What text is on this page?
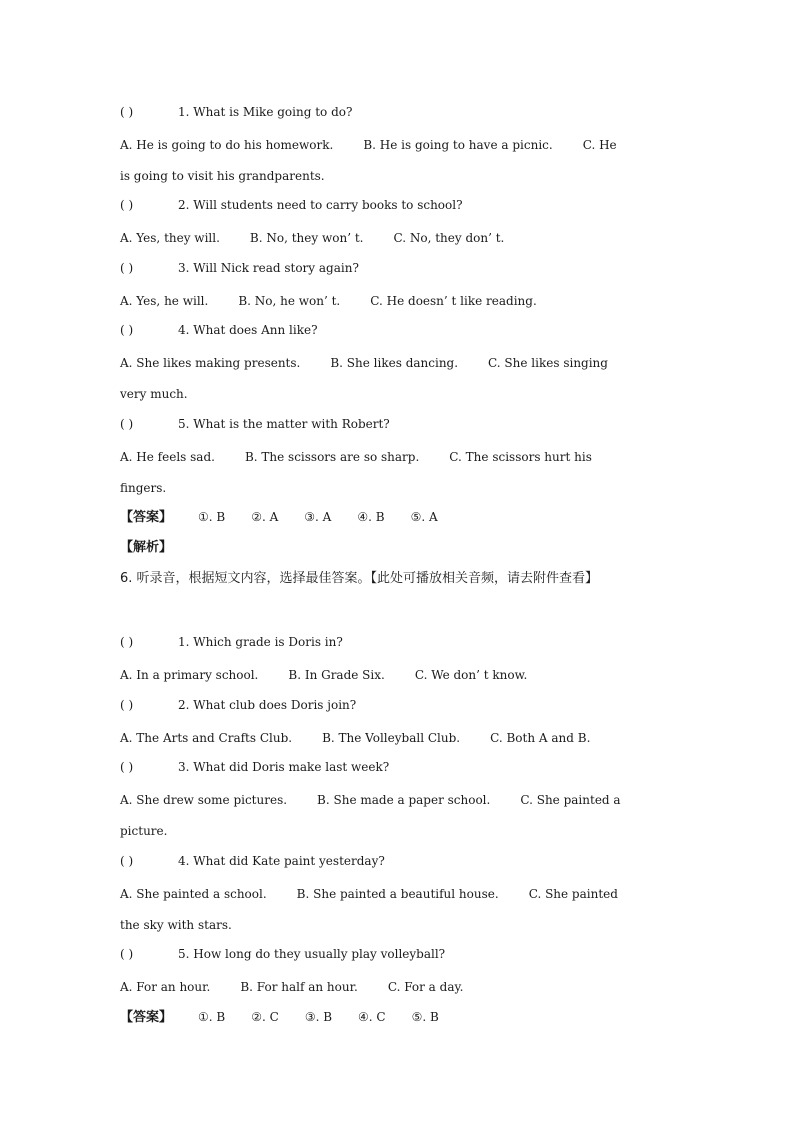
( )	1. What is Mike going to do?
A. He is going to do his homework.	B. He is going to have a picnic.	C. He
is going to visit his grandparents.
( )	2. Will students need to carry books to school?
A. Yes, they will.	B. No, they won’ t.	C. No, they don’ t.
( )	3. Will Nick read story again?
A. Yes, he will.	B. No, he won’ t.	C. He doesn’ t like reading.
( )	4. What does Ann like?
A. She likes making presents.	B. She likes dancing.	C. She likes singing
very much.
( )	5. What is the matter with Robert?
A. He feels sad.	B. The scissors are so sharp.	C. The scissors hurt his
fingers.
【答案】 ①. B ②. A ③. A ④. B ⑤. A
【解析】
6. 听录音，根据短文内容，选择最佳答案。【此处可播放相关音频，请去附件查看】
( )	1. Which grade is Doris in?
A. In a primary school.	B. In Grade Six.	C. We don’ t know.
( )	2. What club does Doris join?
A. The Arts and Crafts Club.	B. The Volleyball Club.	C. Both A and B.
( )	3. What did Doris make last week?
A. She drew some pictures.	B. She made a paper school.	C. She painted a
picture.
( )	4. What did Kate paint yesterday?
A. She painted a school.	B. She painted a beautiful house.	C. She painted
the sky with stars.
( )	5. How long do they usually play volleyball?
A. For an hour.	B. For half an hour.	C. For a day.
【答案】 ①. B ②. C ③. B ④. C ⑤. B
